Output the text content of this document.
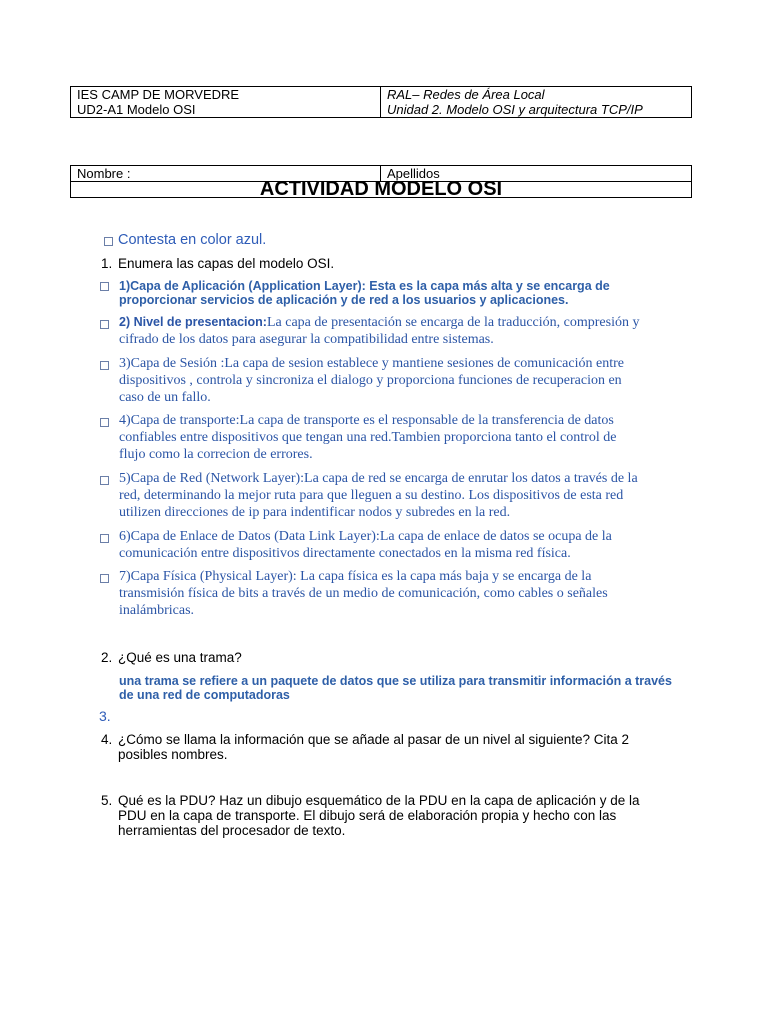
IES CAMP DE MORVEDRE
UD2-A1 Modelo OSI

RAL– Redes de Área Local
Unidad 2. Modelo OSI y arquitectura TCP/IP
Nombre :	Apellidos
ACTIVIDAD MODELO OSI
Contesta en color azul.
1. Enumera las capas del modelo OSI.
1)Capa de Aplicación (Application Layer): Esta es la capa más alta y se encarga de
proporcionar servicios de aplicación y de red a los usuarios y aplicaciones.
2) Nivel de presentacion:La capa de presentación se encarga de la traducción, compresión y
cifrado de los datos para asegurar la compatibilidad entre sistemas.
3)Capa de Sesión :La capa de sesion establece y mantiene sesiones de comunicación entre
dispositivos , controla y sincroniza el dialogo y proporciona funciones de recuperacion en
caso de un fallo.
4)Capa de transporte:La capa de transporte es el responsable de la transferencia de datos
confiables entre dispositivos que tengan una red.Tambien proporciona tanto el control de
flujo como la correcion de errores.
5)Capa de Red (Network Layer):La capa de red se encarga de enrutar los datos a través de la
red, determinando la mejor ruta para que lleguen a su destino. Los dispositivos de esta red
utilizen direcciones de ip para indentificar nodos y subredes en la red.
6)Capa de Enlace de Datos (Data Link Layer):La capa de enlace de datos se ocupa de la
comunicación entre dispositivos directamente conectados en la misma red física.
7)Capa Física (Physical Layer): La capa física es la capa más baja y se encarga de la
transmisión física de bits a través de un medio de comunicación, como cables o señales
inalámbricas.
2. ¿Qué es una trama?
una trama se refiere a un paquete de datos que se utiliza para transmitir información a través
de una red de computadoras
3.
4. ¿Cómo se llama la información que se añade al pasar de un nivel al siguiente? Cita 2
posibles nombres.
5. Qué es la PDU? Haz un dibujo esquemático de la PDU en la capa de aplicación y de la
PDU en la capa de transporte. El dibujo será de elaboración propia y hecho con las
herramientas del procesador de texto.
